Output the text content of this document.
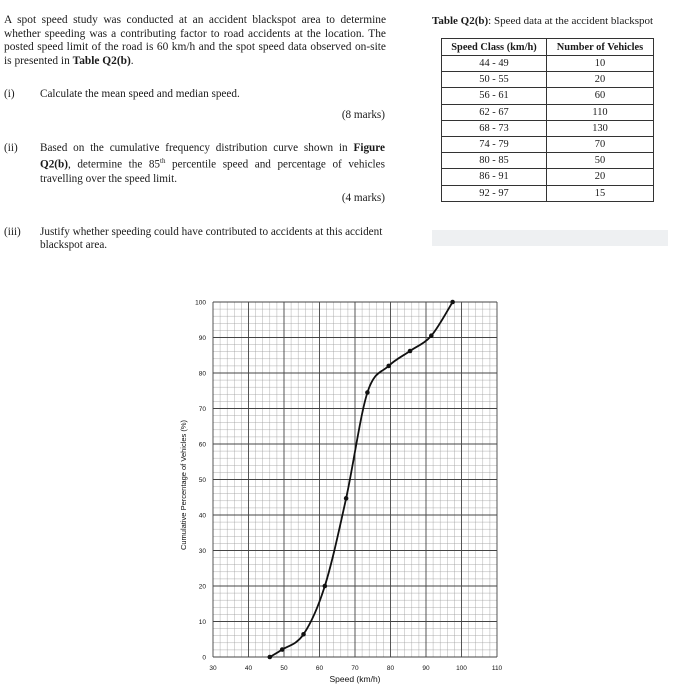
A spot speed study was conducted at an accident blackspot area to determine whether speeding was a contributing factor to road accidents at the location. The posted speed limit of the road is 60 km/h and the spot speed data observed on-site is presented in Table Q2(b).
(i) Calculate the mean speed and median speed.
(8 marks)
(ii) Based on the cumulative frequency distribution curve shown in Figure Q2(b), determine the 85th percentile speed and percentage of vehicles travelling over the speed limit.
(4 marks)
(iii) Justify whether speeding could have contributed to accidents at this accident blackspot area.
Table Q2(b): Speed data at the accident blackspot
Speed Class (km/h)	Number of Vehicles
44 - 49	10
50 - 55	20
56 - 61	60
62 - 67	110
68 - 73	130
74 - 79	70
80 - 85	50
86 - 91	20
92 - 97	15
0
10
20
30
40
50
60
70
80
90
100
30	40	50	60	70	80	90	100	110
Speed (km/h)
Cumulative Percentage of Vehicles (%)
